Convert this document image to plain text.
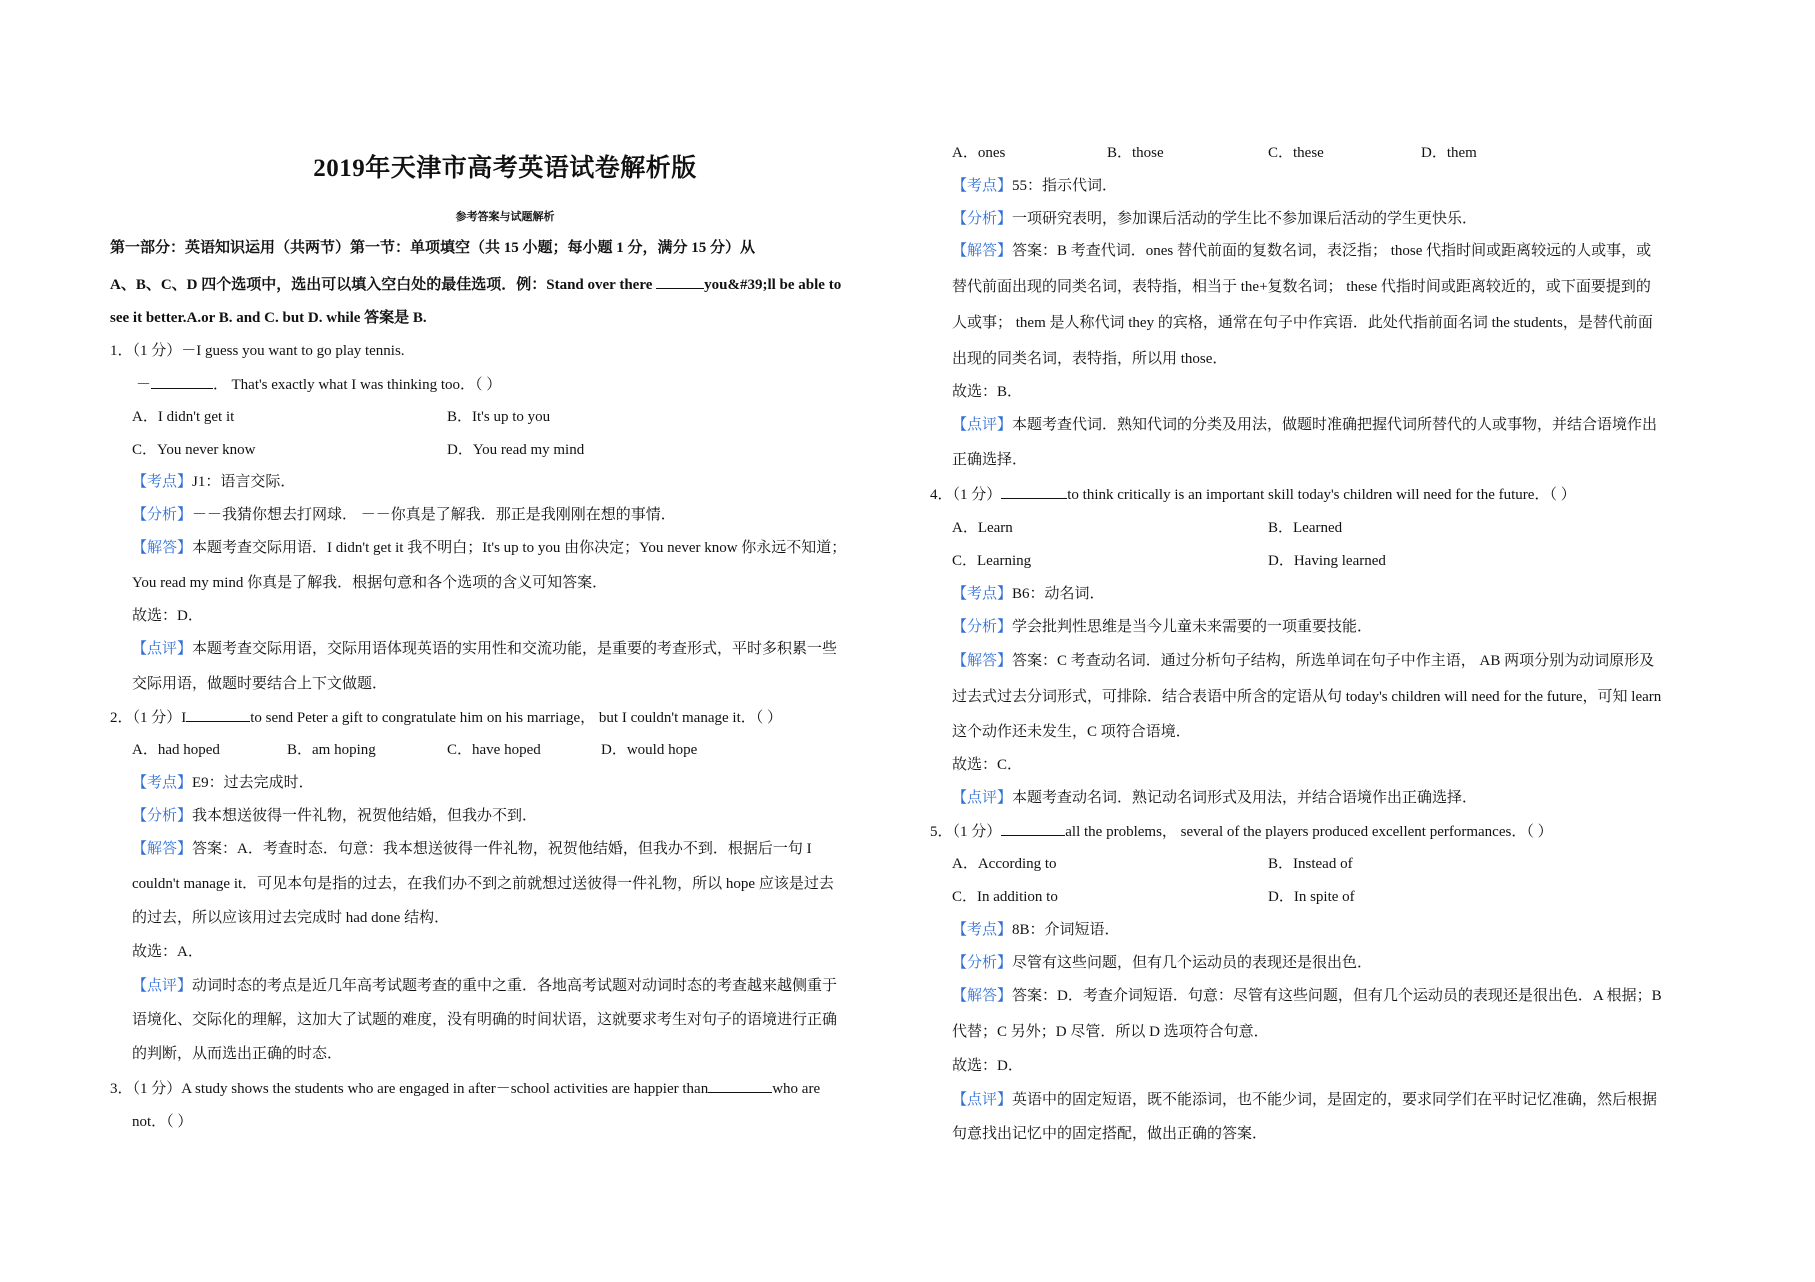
2019年天津市高考英语试卷解析版
参考答案与试题解析
第一部分：英语知识运用（共两节）第一节：单项填空（共 15 小题；每小题 1 分，满分 15 分）从
A、B、C、D 四个选项中，选出可以填入空白处的最佳选项．例：Stand over there	you&#39;ll be able to
see it better.A.or B. and C. but D. while 答案是 B.
1．（1 分）－I guess you want to go play tennis.
－	． That's exactly what I was thinking too．（ ）
A．I didn't get it	B．It's up to you
C．You never know	D．You read my mind
【考点】J1：语言交际．
【分析】－－我猜你想去打网球． －－你真是了解我．那正是我刚刚在想的事情．
【解答】本题考查交际用语．I didn't get it 我不明白；It's up to you 由你决定；You never know 你永远不知道；
You read my mind 你真是了解我．根据句意和各个选项的含义可知答案．
故选：D．
【点评】本题考查交际用语，交际用语体现英语的实用性和交流功能，是重要的考查形式，平时多积累一些
交际用语，做题时要结合上下文做题．
2．（1 分）I	to send Peter a gift to congratulate him on his marriage， but I couldn't manage it．（ ）
A．had hoped	B．am hoping	C．have hoped	D．would hope
【考点】E9：过去完成时．
【分析】我本想送彼得一件礼物，祝贺他结婚，但我办不到．
【解答】答案：A．考查时态．句意：我本想送彼得一件礼物，祝贺他结婚，但我办不到．根据后一句 I
couldn't manage it．可见本句是指的过去，在我们办不到之前就想过送彼得一件礼物，所以 hope 应该是过去
的过去，所以应该用过去完成时 had done 结构．
故选：A．
【点评】动词时态的考点是近几年高考试题考查的重中之重．各地高考试题对动词时态的考查越来越侧重于
语境化、交际化的理解，这加大了试题的难度，没有明确的时间状语，这就要求考生对句子的语境进行正确
的判断，从而选出正确的时态．
3．（1 分）A study shows the students who are engaged in after－school activities are happier than	who are
not．（ ）
A．ones	B．those	C．these	D．them
【考点】55：指示代词．
【分析】一项研究表明，参加课后活动的学生比不参加课后活动的学生更快乐．
【解答】答案：B 考查代词．ones 替代前面的复数名词，表泛指； those 代指时间或距离较远的人或事，或
替代前面出现的同类名词，表特指，相当于 the+复数名词； these 代指时间或距离较近的，或下面要提到的
人或事； them 是人称代词 they 的宾格，通常在句子中作宾语．此处代指前面名词 the students，是替代前面
出现的同类名词，表特指，所以用 those．
故选：B．
【点评】本题考查代词．熟知代词的分类及用法，做题时准确把握代词所替代的人或事物，并结合语境作出
正确选择．
4．（1 分）	to think critically is an important skill today's children will need for the future．（ ）
A．Learn	B．Learned
C．Learning	D．Having learned
【考点】B6：动名词．
【分析】学会批判性思维是当今儿童未来需要的一项重要技能．
【解答】答案：C 考查动名词．通过分析句子结构，所选单词在句子中作主语， AB 两项分别为动词原形及
过去式过去分词形式，可排除．结合表语中所含的定语从句 today's children will need for the future，可知 learn
这个动作还未发生，C 项符合语境．
故选：C．
【点评】本题考查动名词．熟记动名词形式及用法，并结合语境作出正确选择．
5．（1 分）	all the problems， several of the players produced excellent performances．（ ）
A．According to	B．Instead of
C．In addition to	D．In spite of
【考点】8B：介词短语．
【分析】尽管有这些问题，但有几个运动员的表现还是很出色．
【解答】答案：D．考查介词短语．句意：尽管有这些问题，但有几个运动员的表现还是很出色．A 根据；B
代替；C 另外；D 尽管．所以 D 选项符合句意．
故选：D．
【点评】英语中的固定短语，既不能添词，也不能少词，是固定的，要求同学们在平时记忆准确，然后根据
句意找出记忆中的固定搭配，做出正确的答案．
